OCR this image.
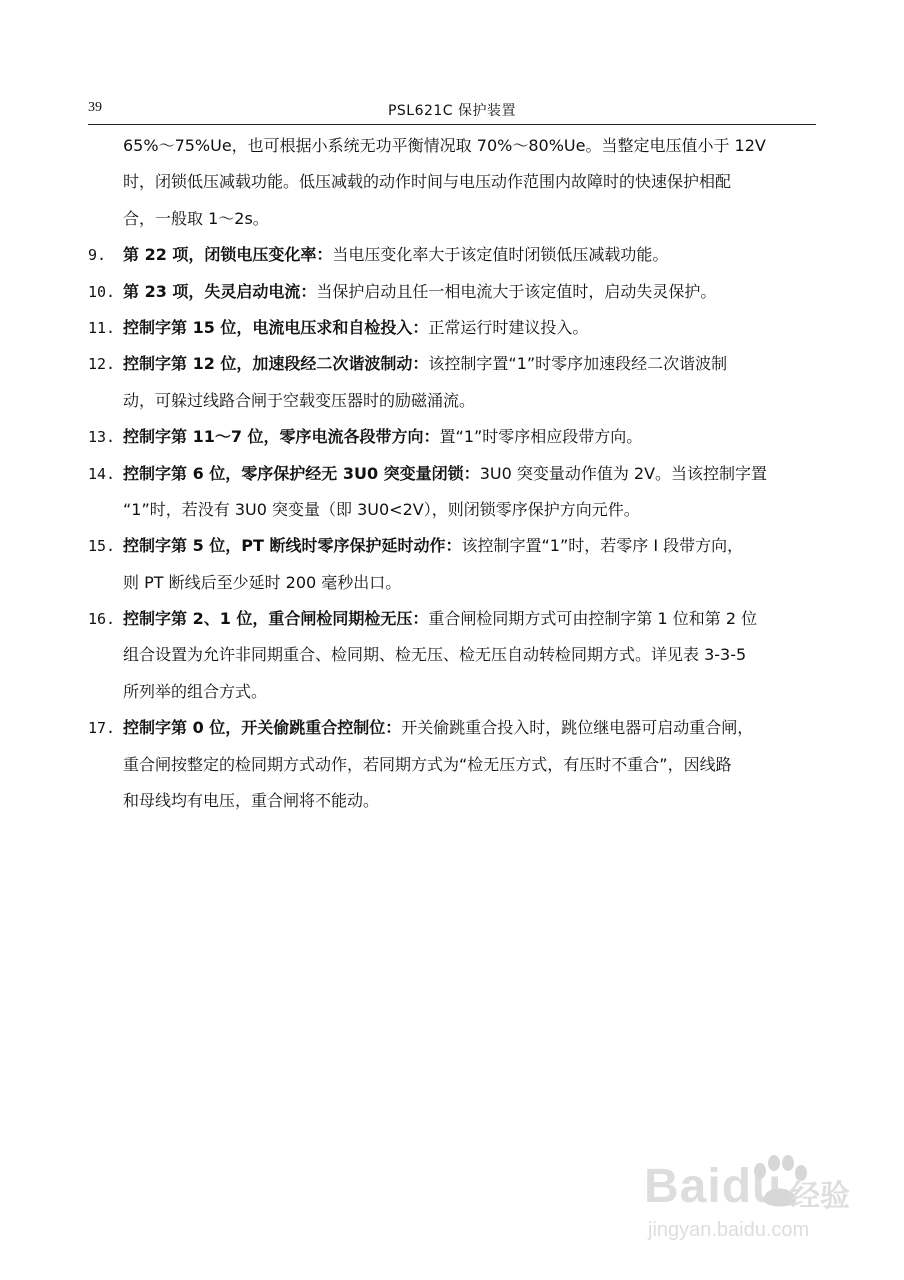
39	PSL621C 保护装置
65%～75%Ue，也可根据小系统无功平衡情况取 70%～80%Ue。当整定电压值小于 12V
时，闭锁低压减载功能。低压减载的动作时间与电压动作范围内故障时的快速保护相配
合，一般取 1～2s。
9. 第 22 项，闭锁电压变化率：当电压变化率大于该定值时闭锁低压减载功能。
10. 第 23 项，失灵启动电流：当保护启动且任一相电流大于该定值时，启动失灵保护。
11. 控制字第 15 位，电流电压求和自检投入：正常运行时建议投入。
12. 控制字第 12 位，加速段经二次谐波制动：该控制字置“1”时零序加速段经二次谐波制
动，可躲过线路合闸于空载变压器时的励磁涌流。
13. 控制字第 11～7 位，零序电流各段带方向：置“1”时零序相应段带方向。
14. 控制字第 6 位，零序保护经无 3U0 突变量闭锁：3U0 突变量动作值为 2V。当该控制字置
“1”时，若没有 3U0 突变量（即 3U0<2V），则闭锁零序保护方向元件。
15. 控制字第 5 位，PT 断线时零序保护延时动作：该控制字置“1”时，若零序 I 段带方向，
则 PT 断线后至少延时 200 毫秒出口。
16. 控制字第 2、1 位，重合闸检同期检无压：重合闸检同期方式可由控制字第 1 位和第 2 位
组合设置为允许非同期重合、检同期、检无压、检无压自动转检同期方式。详见表 3-3-5
所列举的组合方式。
17. 控制字第 0 位，开关偷跳重合控制位：开关偷跳重合投入时，跳位继电器可启动重合闸，
重合闸按整定的检同期方式动作，若同期方式为“检无压方式，有压时不重合”，因线路
和母线均有电压，重合闸将不能动。
Baidu 经验
jingyan.baidu.com
